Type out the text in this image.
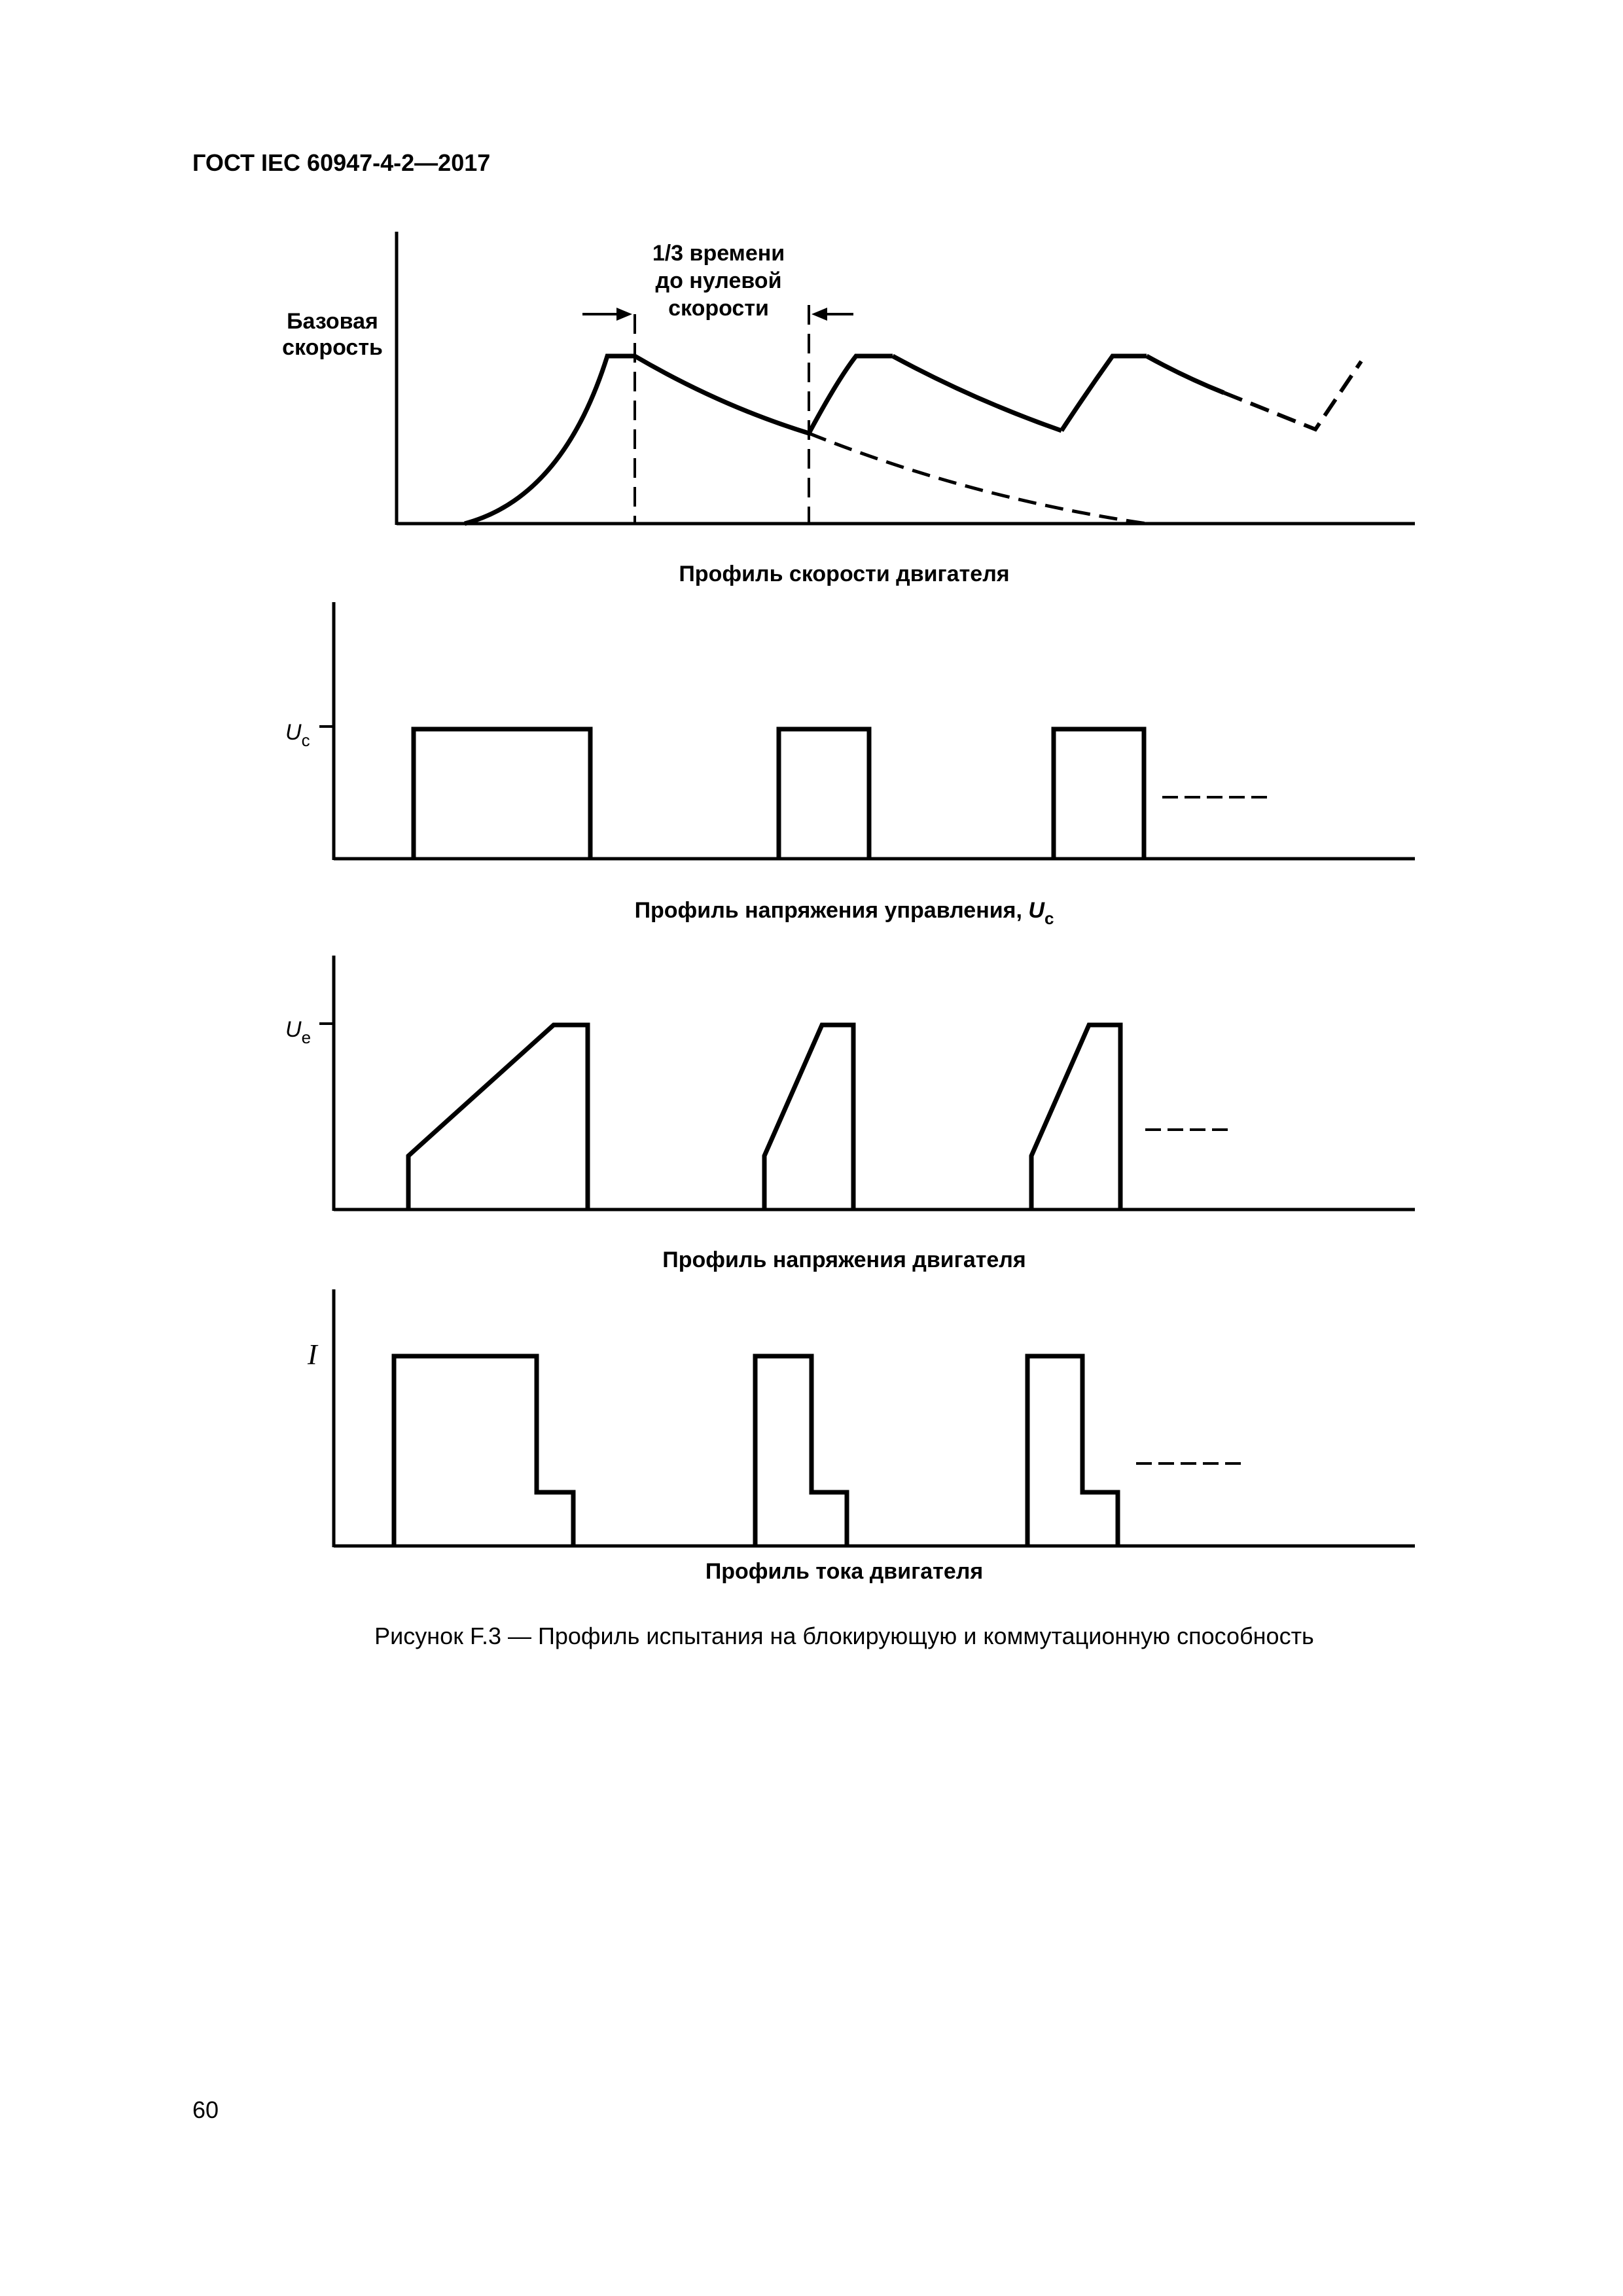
ГОСТ IEC 60947-4-2—2017
Базовая
скорость
1/3 времени
до нулевой
скорости
Профиль скорости двигателя
$U_c$
Профиль напряжения управления, $U_c$
$U_e$
Профиль напряжения двигателя
I
Профиль тока двигателя
Рисунок F.3 — Профиль испытания на блокирующую и коммутационную способность
60
